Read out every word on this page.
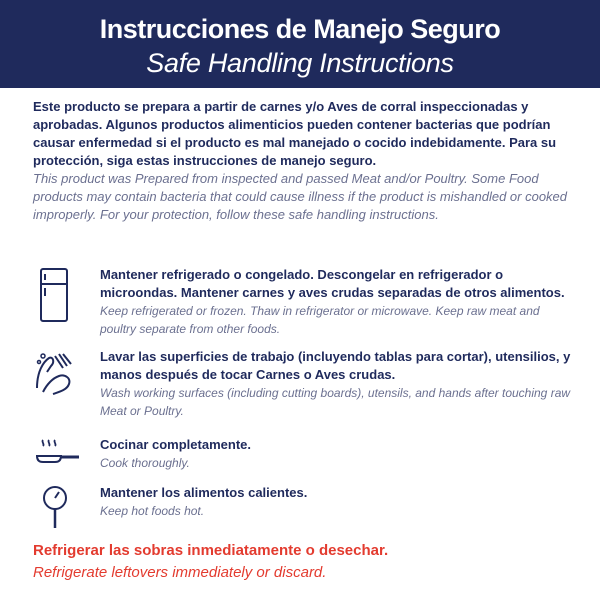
Instrucciones de Manejo Seguro
Safe Handling Instructions
Este producto se prepara a partir de carnes y/o Aves de corral inspeccionadas y aprobadas. Algunos productos alimenticios pueden contener bacterias que podrían causar enfermedad si el producto es mal manejado o cocido indebidamente. Para su protección, siga estas instrucciones de manejo seguro.
This product was Prepared from inspected and passed Meat and/or Poultry. Some Food products may contain bacteria that could cause illness if the product is mishandled or cooked improperly. For your protection, follow these safe handling instructions.
Mantener refrigerado o congelado. Descongelar en refrigerador o microondas. Mantener carnes y aves crudas separadas de otros alimentos.
Keep refrigerated or frozen. Thaw in refrigerator or microwave. Keep raw meat and poultry separate from other foods.
Lavar las superficies de trabajo (incluyendo tablas para cortar), utensilios, y manos después de tocar Carnes o Aves crudas.
Wash working surfaces (including cutting boards), utensils, and hands after touching raw Meat or Poultry.
Cocinar completamente.
Cook thoroughly.
Mantener los alimentos calientes.
Keep hot foods hot.
Refrigerar las sobras inmediatamente o desechar.
Refrigerate leftovers immediately or discard.
